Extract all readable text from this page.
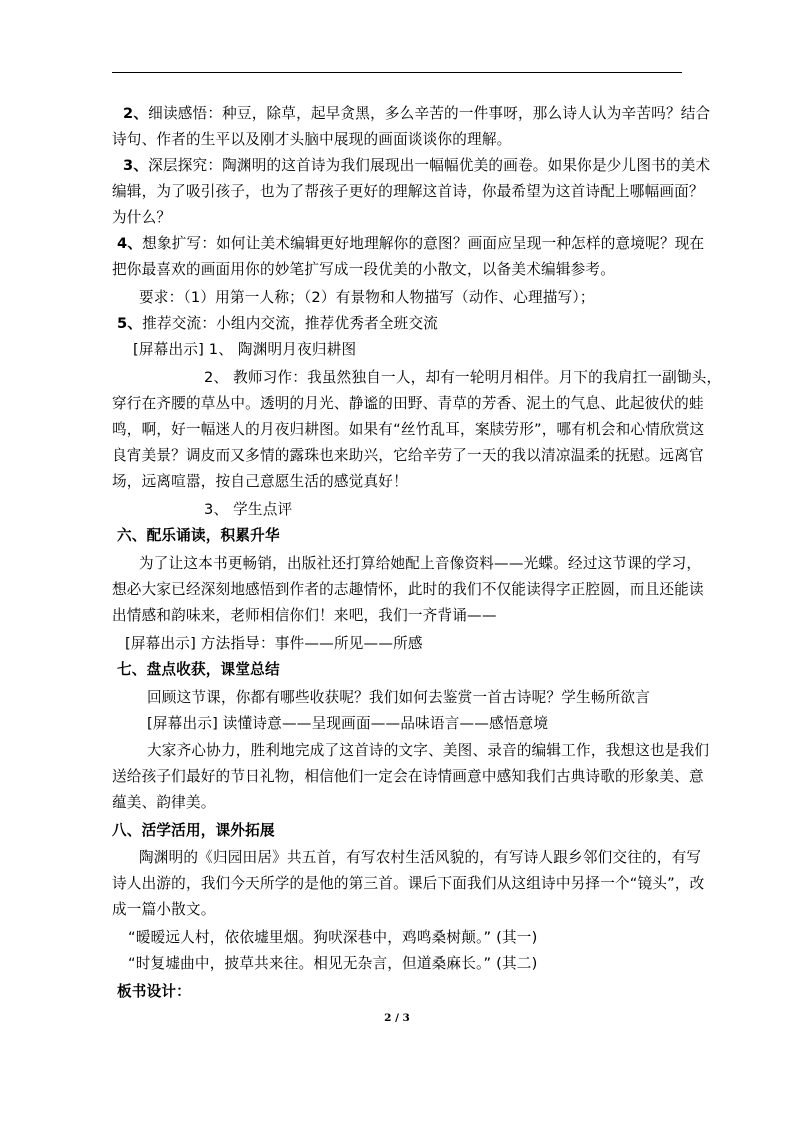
2、细读感悟：种豆，除草，起早贪黑，多么辛苦的一件事呀，那么诗人认为辛苦吗？结合
诗句、作者的生平以及刚才头脑中展现的画面谈谈你的理解。
3、深层探究：陶渊明的这首诗为我们展现出一幅幅优美的画卷。如果你是少儿图书的美术
编辑，为了吸引孩子，也为了帮孩子更好的理解这首诗，你最希望为这首诗配上哪幅画面？
为什么？
4、想象扩写：如何让美术编辑更好地理解你的意图？画面应呈现一种怎样的意境呢？现在
把你最喜欢的画面用你的妙笔扩写成一段优美的小散文，以备美术编辑参考。
要求：（1）用第一人称；（2）有景物和人物描写（动作、心理描写）；
5、推荐交流：小组内交流，推荐优秀者全班交流
[屏幕出示] 1、 陶渊明月夜归耕图
2、 教师习作：我虽然独自一人，却有一轮明月相伴。月下的我肩扛一副锄头，
穿行在齐腰的草丛中。透明的月光、静谧的田野、青草的芳香、泥土的气息、此起彼伏的蛙
鸣，啊，好一幅迷人的月夜归耕图。如果有“丝竹乱耳，案牍劳形”，哪有机会和心情欣赏这
良宵美景？调皮而又多情的露珠也来助兴，它给辛劳了一天的我以清凉温柔的抚慰。远离官
场，远离喧嚣，按自己意愿生活的感觉真好！
3、 学生点评
六、配乐诵读，积累升华
为了让这本书更畅销，出版社还打算给她配上音像资料——光蝶。经过这节课的学习，
想必大家已经深刻地感悟到作者的志趣情怀，此时的我们不仅能读得字正腔圆，而且还能读
出情感和韵味来，老师相信你们！来吧，我们一齐背诵——
[屏幕出示] 方法指导：事件——所见——所感
七、盘点收获，课堂总结
回顾这节课，你都有哪些收获呢？我们如何去鉴赏一首古诗呢？学生畅所欲言
[屏幕出示] 读懂诗意——呈现画面——品味语言——感悟意境
大家齐心协力，胜利地完成了这首诗的文字、美图、录音的编辑工作，我想这也是我们
送给孩子们最好的节日礼物，相信他们一定会在诗情画意中感知我们古典诗歌的形象美、意
蕴美、韵律美。
八、活学活用，课外拓展
陶渊明的《归园田居》共五首，有写农村生活风貌的，有写诗人跟乡邻们交往的，有写
诗人出游的，我们今天所学的是他的第三首。课后下面我们从这组诗中另择一个“镜头”，改
成一篇小散文。
“暧暧远人村，依依墟里烟。狗吠深巷中，鸡鸣桑树颠。” (其一)
“时复墟曲中，披草共来往。相见无杂言，但道桑麻长。” (其二)
板书设计：
2 / 3
